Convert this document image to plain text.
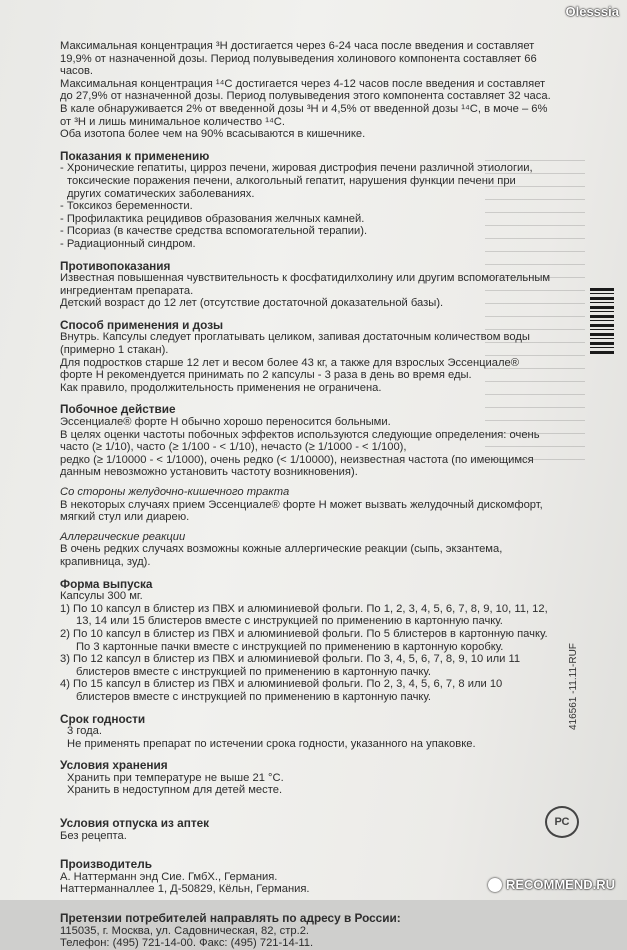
416561 -11.11-RUF
РС

Максимальная концентрация ³H достигается через 6-24 часа после введения и составляет

19,9% от назначенной дозы. Период полувыведения холинового компонента составляет 66

часов.

Максимальная концентрация ¹⁴C достигается через 4-12 часов после введения и составляет

до 27,9% от назначенной дозы. Период полувыведения этого компонента составляет 32 часа.

В кале обнаруживается 2% от введенной дозы ³H и 4,5% от введенной дозы ¹⁴C, в моче – 6%

от ³H и лишь минимальное количество ¹⁴C.

Оба изотопа более чем на 90% всасываются в кишечнике.

Показания к применению

- Хронические гепатиты, цирроз печени, жировая дистрофия печени различной этиологии,

токсические поражения печени, алкогольный гепатит, нарушения функции печени при

других соматических заболеваниях.

- Токсикоз беременности.

- Профилактика рецидивов образования желчных камней.

- Псориаз (в качестве средства вспомогательной терапии).

- Радиационный синдром.

Противопоказания

Известная повышенная чувствительность к фосфатидилхолину или другим вспомогательным

ингредиентам препарата.

Детский возраст до 12 лет (отсутствие достаточной доказательной базы).

Способ применения и дозы

Внутрь. Капсулы следует проглатывать целиком, запивая достаточным количеством воды

(примерно 1 стакан).

Для подростков старше 12 лет и весом более 43 кг, а также для взрослых Эссенциале®

форте Н рекомендуется принимать по 2 капсулы - 3 раза в день во время еды.

Как правило, продолжительность применения не ограничена.

Побочное действие

Эссенциале® форте Н обычно хорошо переносится больными.

В целях оценки частоты побочных эффектов используются следующие определения: очень

часто (≥ 1/10), часто (≥ 1/100 - < 1/10), нечасто (≥ 1/1000 - < 1/100),

редко (≥ 1/10000 - < 1/1000), очень редко (< 1/10000), неизвестная частота (по имеющимся

данным невозможно установить частоту возникновения).

Со стороны желудочно-кишечного тракта

В некоторых случаях прием Эссенциале® форте Н может вызвать желудочный дискомфорт,

мягкий стул или диарею.

Аллергические реакции

В очень редких случаях возможны кожные аллергические реакции (сыпь, экзантема,

крапивница, зуд).

Форма выпуска

Капсулы 300 мг.

1) По 10 капсул в блистер из ПВХ и алюминиевой фольги. По 1, 2, 3, 4, 5, 6, 7, 8, 9, 10, 11, 12,

13, 14 или 15 блистеров вместе с инструкцией по применению в картонную пачку.

2) По 10 капсул в блистер из ПВХ и алюминиевой фольги. По 5 блистеров в картонную пачку.

По 3 картонные пачки вместе с инструкцией по применению в картонную коробку.

3) По 12 капсул в блистер из ПВХ и алюминиевой фольги. По 3, 4, 5, 6, 7, 8, 9, 10 или 11

блистеров вместе с инструкцией по применению в картонную пачку.

4) По 15 капсул в блистер из ПВХ и алюминиевой фольги. По 2, 3, 4, 5, 6, 7, 8 или 10

блистеров вместе с инструкцией по применению в картонную пачку.

Срок годности

3 года.

Не применять препарат по истечении срока годности, указанного на упаковке.

Условия хранения

Хранить при температуре не выше 21 °С.

Хранить в недоступном для детей месте.

Условия отпуска из аптек

Без рецепта.

Производитель

А. Наттерманн энд Сие. ГмбХ., Германия.

Наттерманналлее 1, Д-50829, Кёльн, Германия.

Претензии потребителей направлять по адресу в России:

115035, г. Москва, ул. Садовническая, 82, стр.2.

Телефон: (495) 721-14-00. Факс: (495) 721-14-11.

Olesssia
RECOMMEND.RU
